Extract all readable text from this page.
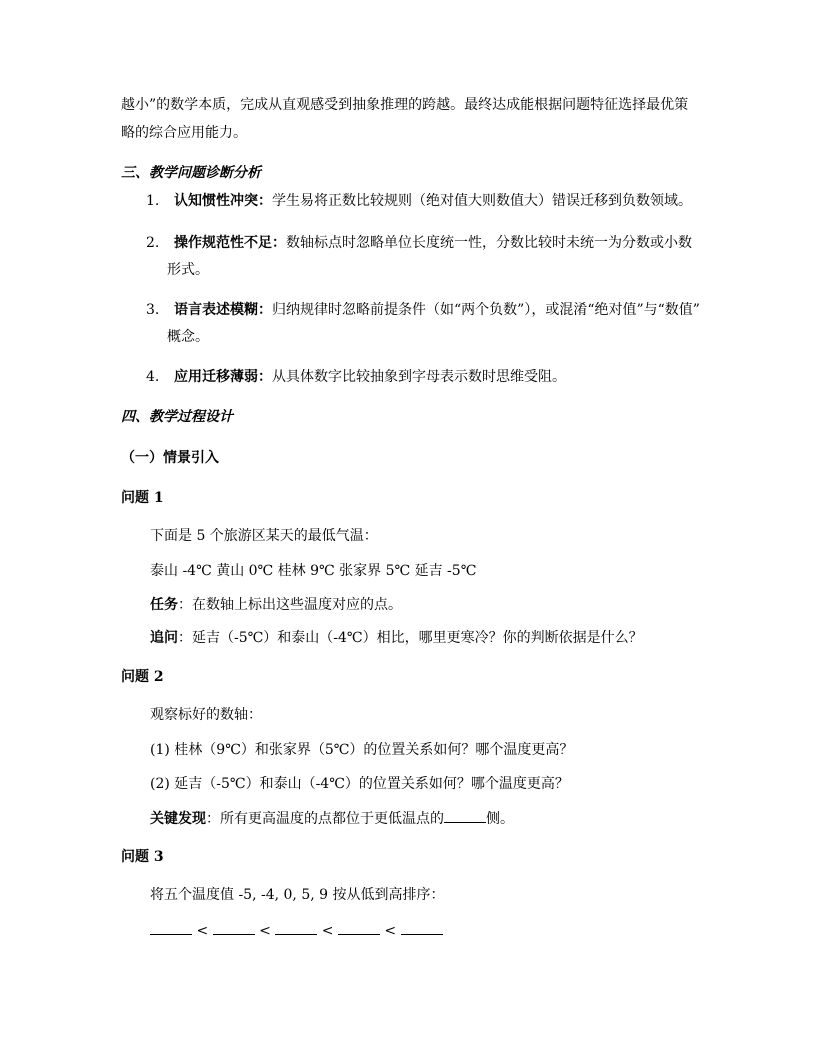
越小”的数学本质，完成从直观感受到抽象推理的跨越。最终达成能根据问题特征选择最优策
略的综合应用能力。
三、教学问题诊断分析
1. 认知惯性冲突：学生易将正数比较规则（绝对值大则数值大）错误迁移到负数领域。
2. 操作规范性不足：数轴标点时忽略单位长度统一性，分数比较时未统一为分数或小数
形式。
3. 语言表述模糊：归纳规律时忽略前提条件（如“两个负数”），或混淆“绝对值”与“数值”
概念。
4. 应用迁移薄弱：从具体数字比较抽象到字母表示数时思维受阻。
四、教学过程设计
（一）情景引入
问题 1
下面是 5 个旅游区某天的最低气温：
泰山 -4℃ 黄山 0℃ 桂林 9℃ 张家界 5℃ 延吉 -5℃
任务：在数轴上标出这些温度对应的点。
追问：延吉（-5℃）和泰山（-4℃）相比，哪里更寒冷？你的判断依据是什么？
问题 2
观察标好的数轴：
(1) 桂林（9℃）和张家界（5℃）的位置关系如何？哪个温度更高？
(2) 延吉（-5℃）和泰山（-4℃）的位置关系如何？哪个温度更高？
关键发现：所有更高温度的点都位于更低温点的	侧。
问题 3
将五个温度值 -5, -4, 0, 5, 9 按从低到高排序：
<	<	<	<
